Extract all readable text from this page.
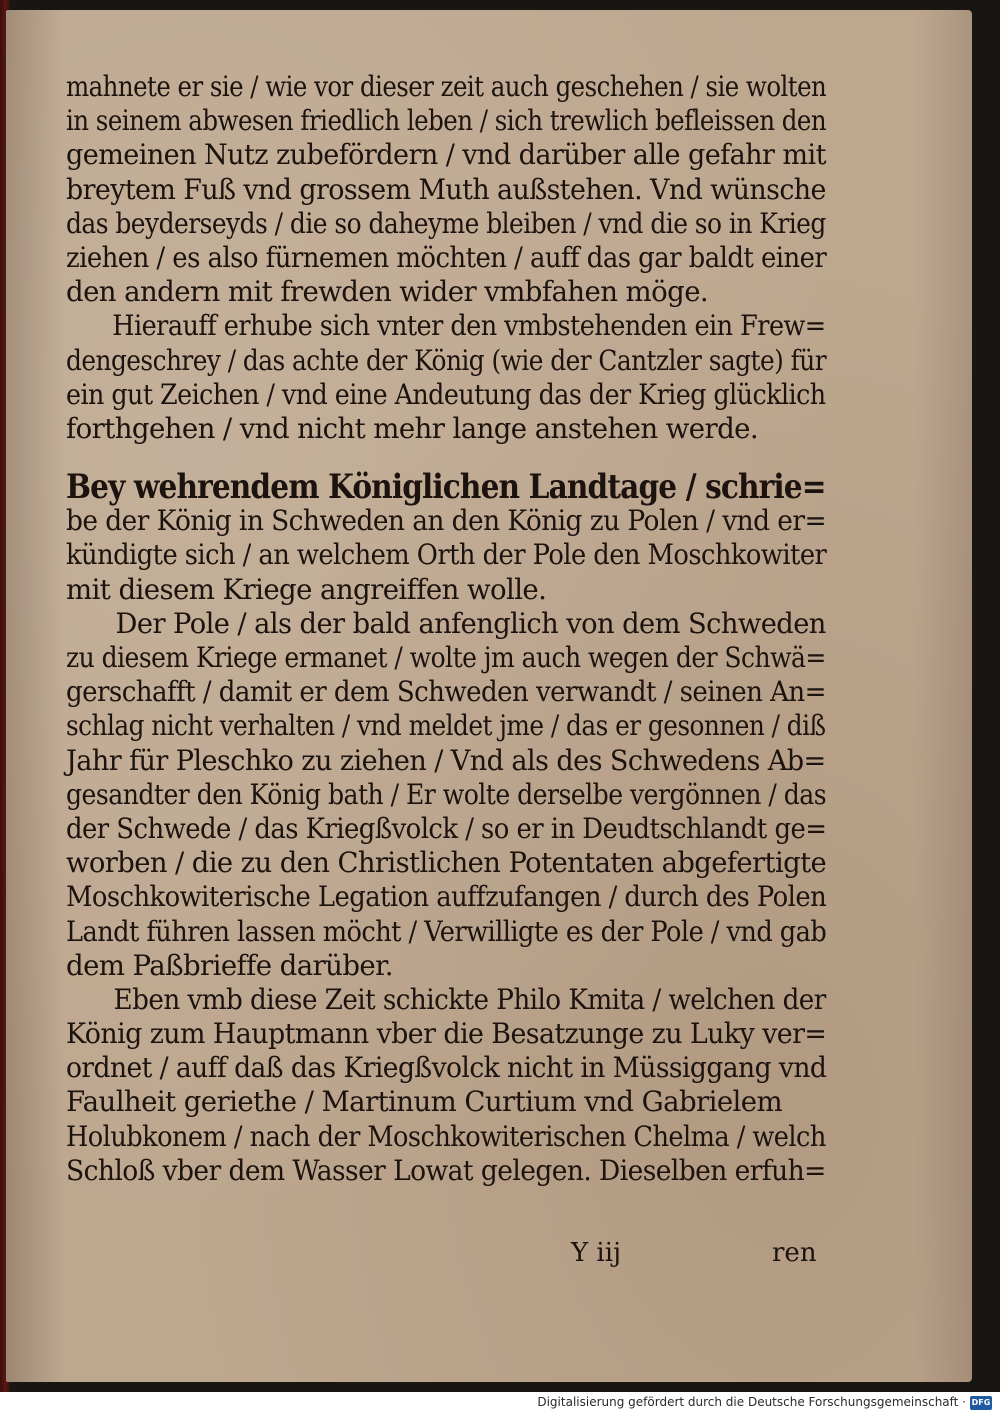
mahnete er sie / wie vor dieser zeit auch geschehen / sie wolten
in seinem abwesen friedlich leben / sich trewlich befleissen den
gemeinen Nutz zubefördern / vnd darüber alle gefahr mit
breytem Fuß vnd grossem Muth außstehen. Vnd wünsche
das beyderseyds / die so daheyme bleiben / vnd die so in Krieg
ziehen / es also fürnemen möchten / auff das gar baldt einer
den andern mit frewden wider vmbfahen möge.
Hierauff erhube sich vnter den vmbstehenden ein Frew=
dengeschrey / das achte der König (wie der Cantzler sagte) für
ein gut Zeichen / vnd eine Andeutung das der Krieg glücklich
forthgehen / vnd nicht mehr lange anstehen werde.
Bey wehrendem Königlichen Landtage / schrie=
be der König in Schweden an den König zu Polen / vnd er=
kündigte sich / an welchem Orth der Pole den Moschkowiter
mit diesem Kriege angreiffen wolle.
Der Pole / als der bald anfenglich von dem Schweden
zu diesem Kriege ermanet / wolte jm auch wegen der Schwä=
gerschafft / damit er dem Schweden verwandt / seinen An=
schlag nicht verhalten / vnd meldet jme / das er gesonnen / diß
Jahr für Pleschko zu ziehen / Vnd als des Schwedens Ab=
gesandter den König bath / Er wolte derselbe vergönnen / das
der Schwede / das Kriegßvolck / so er in Deudtschlandt ge=
worben / die zu den Christlichen Potentaten abgefertigte
Moschkowiterische Legation auffzufangen / durch des Polen
Landt führen lassen möcht / Verwilligte es der Pole / vnd gab
dem Paßbrieffe darüber.
Eben vmb diese Zeit schickte Philo Kmita / welchen der
König zum Hauptmann vber die Besatzunge zu Luky ver=
ordnet / auff daß das Kriegßvolck nicht in Müssiggang vnd
Faulheit geriethe / Martinum Curtium vnd Gabrielem
Holubkonem / nach der Moschkowiterischen Chelma / welch
Schloß vber dem Wasser Lowat gelegen. Dieselben erfuh=
Y iij	ren
Digitalisierung gefördert durch die Deutsche Forschungsgemeinschaft · DFG
